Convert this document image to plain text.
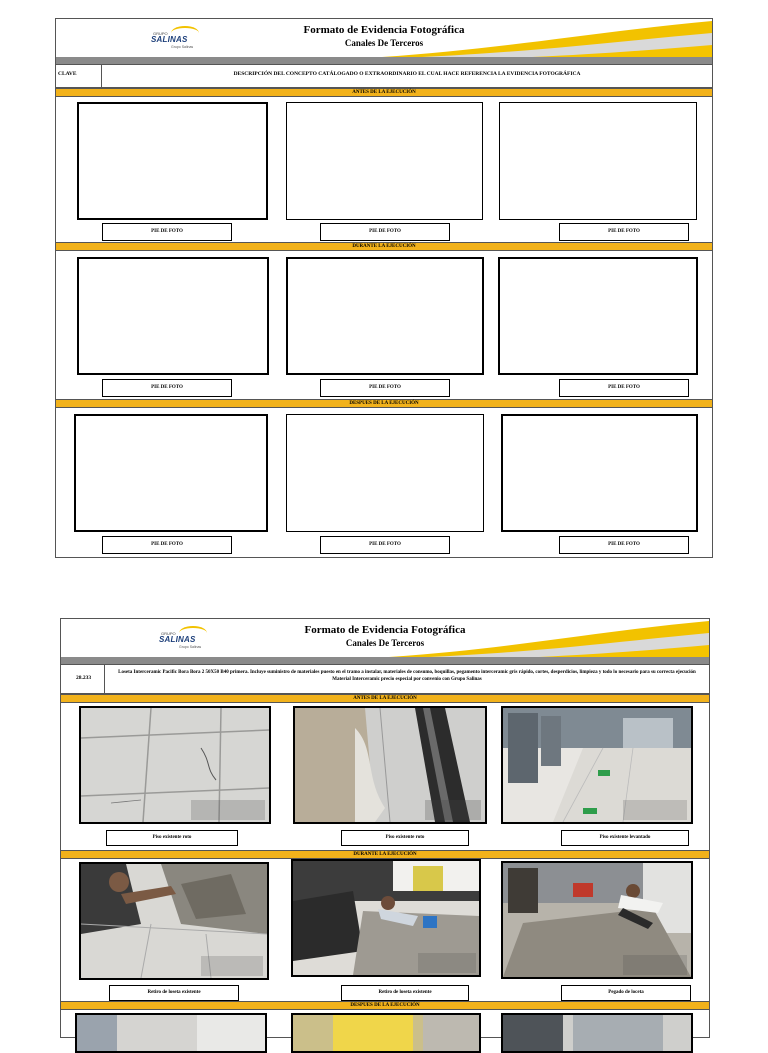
GRUPO
SALINAS
Grupo Salinas
Formato de Evidencia Fotográfica
Canales De Terceros
CLAVE	DESCRIPCIÓN DEL CONCEPTO CATÁLOGADO O EXTRAORDINARIO EL CUAL HACE REFERENCIA LA EVIDENCIA FOTOGRÁFICA
ANTES DE LA EJECUCIÓN
PIE DE FOTO	PIE DE FOTO	PIE DE FOTO
DURANTE LA EJECUCIÓN
PIE DE FOTO	PIE DE FOTO	PIE DE FOTO
DESPUES DE LA EJECUCIÓN
PIE DE FOTO	PIE DE FOTO	PIE DE FOTO
GRUPO
SALINAS
Grupo Salinas
Formato de Evidencia Fotográfica
Canales De Terceros
28.233
Loseta Interceramic Pacific Bora Bora 2 50X50 B40 primera. Incluye suministro de materiales puesto en el tramo a instalar, materiales de consumo, boquillas, pegamento interceramic gris rápido, cortes, desperdicios, limpieza y todo lo necesario para su correcta ejecución Material Interceramic precio especial por convenio con Grupo Salinas
ANTES DE LA EJECUCIÓN
Piso existente roto	Piso existente roto	Piso existente levantado
DURANTE LA EJECUCIÓN
Retiro de loseta existente	Retiro de loseta existente	Pegado de loceta
DESPUES DE LA EJECUCIÓN
